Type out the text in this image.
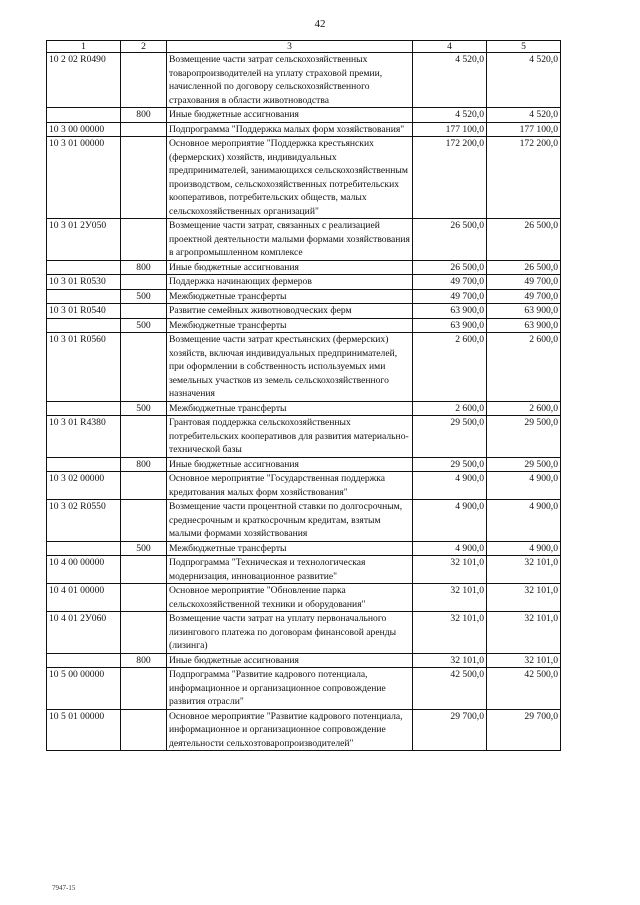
42
1	2	3	4	5
10 2 02 R0490		Возмещение части затрат сельскохозяйственных товаропроизводителей на уплату страховой премии, начисленной по договору сельскохозяйственного страхования в области животноводства	4 520,0	4 520,0
	800	Иные бюджетные ассигнования	4 520,0	4 520,0
10 3 00 00000		Подпрограмма "Поддержка малых форм хозяйствования"	177 100,0	177 100,0
10 3 01 00000		Основное мероприятие "Поддержка крестьянских (фермерских) хозяйств, индивидуальных предпринимателей, занимающихся сельскохозяйственным производством, сельскохозяйственных потребительских кооперативов, потребительских обществ, малых сельскохозяйственных организаций"	172 200,0	172 200,0
10 3 01 2У050		Возмещение части затрат, связанных с реализацией проектной деятельности малыми формами хозяйствования в агропромышленном комплексе	26 500,0	26 500,0
	800	Иные бюджетные ассигнования	26 500,0	26 500,0
10 3 01 R0530		Поддержка начинающих фермеров	49 700,0	49 700,0
	500	Межбюджетные трансферты	49 700,0	49 700,0
10 3 01 R0540		Развитие семейных животноводческих ферм	63 900,0	63 900,0
	500	Межбюджетные трансферты	63 900,0	63 900,0
10 3 01 R0560		Возмещение части затрат крестьянских (фермерских) хозяйств, включая индивидуальных предпринимателей, при оформлении в собственность используемых ими земельных участков из земель сельскохозяйственного назначения	2 600,0	2 600,0
	500	Межбюджетные трансферты	2 600,0	2 600,0
10 3 01 R4380		Грантовая поддержка сельскохозяйственных потребительских кооперативов для развития материально-технической базы	29 500,0	29 500,0
	800	Иные бюджетные ассигнования	29 500,0	29 500,0
10 3 02 00000		Основное мероприятие "Государственная поддержка кредитования малых форм хозяйствования"	4 900,0	4 900,0
10 3 02 R0550		Возмещение части процентной ставки по долгосрочным, среднесрочным и краткосрочным кредитам, взятым малыми формами хозяйствования	4 900,0	4 900,0
	500	Межбюджетные трансферты	4 900,0	4 900,0
10 4 00 00000		Подпрограмма "Техническая и технологическая модернизация, инновационное развитие"	32 101,0	32 101,0
10 4 01 00000		Основное мероприятие "Обновление парка сельскохозяйственной техники и оборудования"	32 101,0	32 101,0
10 4 01 2У060		Возмещение части затрат на уплату первоначального лизингового платежа по договорам финансовой аренды (лизинга)	32 101,0	32 101,0
	800	Иные бюджетные ассигнования	32 101,0	32 101,0
10 5 00 00000		Подпрограмма "Развитие кадрового потенциала, информационное и организационное сопровождение развития отрасли"	42 500,0	42 500,0
10 5 01 00000		Основное мероприятие "Развитие кадрового потенциала, информационное и организационное сопровождение деятельности сельхозтоваропроизводителей"	29 700,0	29 700,0
7947-15
